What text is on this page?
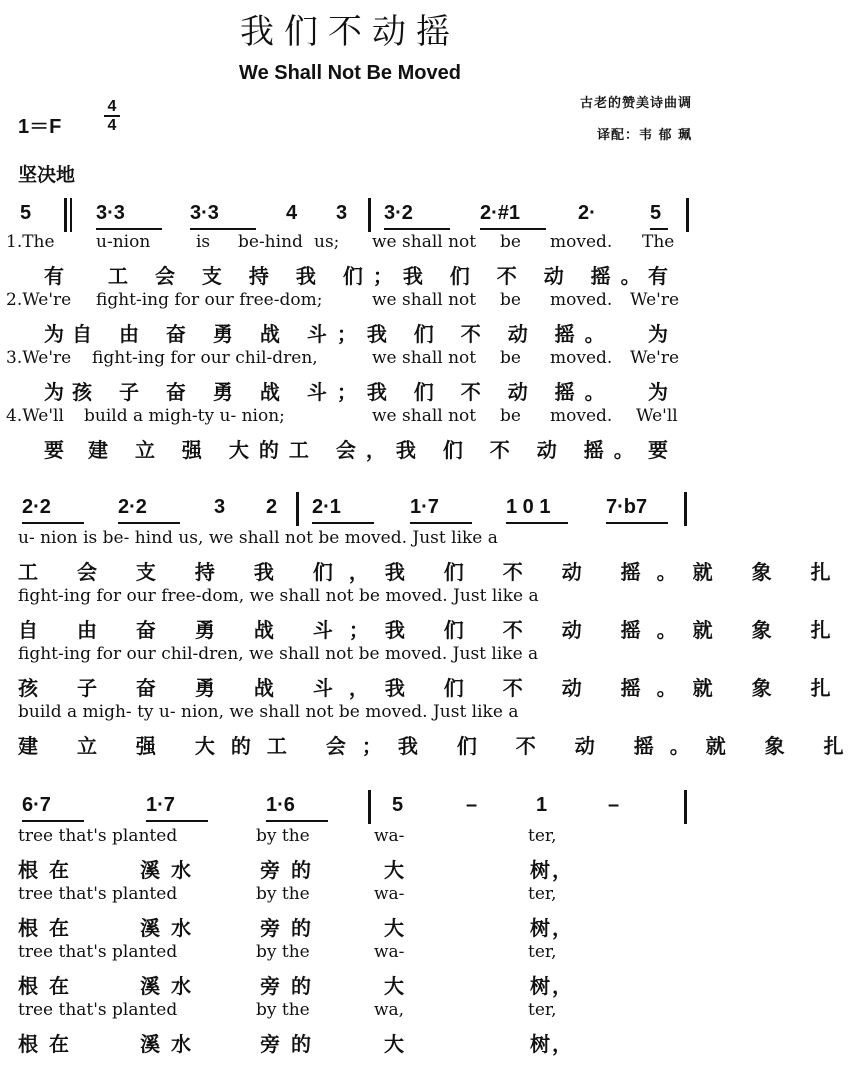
我们不动摇
We Shall Not Be Moved
古老的赞美诗曲调
译配：韦 郁 珮
1＝F
4
4
坚决地
5	3·3	3·3	4 3 3·2	2·#1	2·	5
1.The u-nion	is be-hind us; we shall not be moved. The
有 工 会 支 持 我 们；我 们 不 动 摇。
有
2.We're fight-ing for our free-dom;	we shall not be moved. We're
为 自 由 奋 勇 战 斗；我 们 不 动 摇。 为
3.We're fight-ing for our chil-dren,	we shall not be moved. We're
为 孩 子 奋 勇 战 斗；我 们 不 动 摇。 为
4.We'll build a migh-ty u- nion;	we shall not be moved. We'll
要 建 立 强 大的工 会，我 们 不 动 摇。 要
2·2	2·2	3 2 2·1	1·7	1 0 1	7·b7
u- nion is be- hind us, we shall not be moved. Just like a
工 会 支 持 我 们，我 们 不 动 摇。就 象 扎
fight-ing for our free-dom, we shall not be moved. Just like a
自 由 奋 勇 战 斗；我 们 不 动 摇。就 象 扎
fight-ing for our chil-dren, we shall not be moved. Just like a
孩 子 奋 勇 战 斗，我 们 不 动 摇。就 象 扎
build a migh- ty u- nion, we shall not be moved. Just like a
建 立 强 大的工 会；我 们 不 动 摇。就 象 扎
6·7	1·7	1·6	5	–	1	–
tree that's planted	by the	wa-	ter,
根 在	溪 水	旁 的	大	树，
tree that's planted	by the	wa-	ter,
根 在	溪 水	旁 的	大	树，
tree that's planted	by the	wa-	ter,
根 在	溪 水	旁 的	大	树，
tree that's planted	by the	wa,	ter,
根 在	溪 水	旁 的	大	树，
